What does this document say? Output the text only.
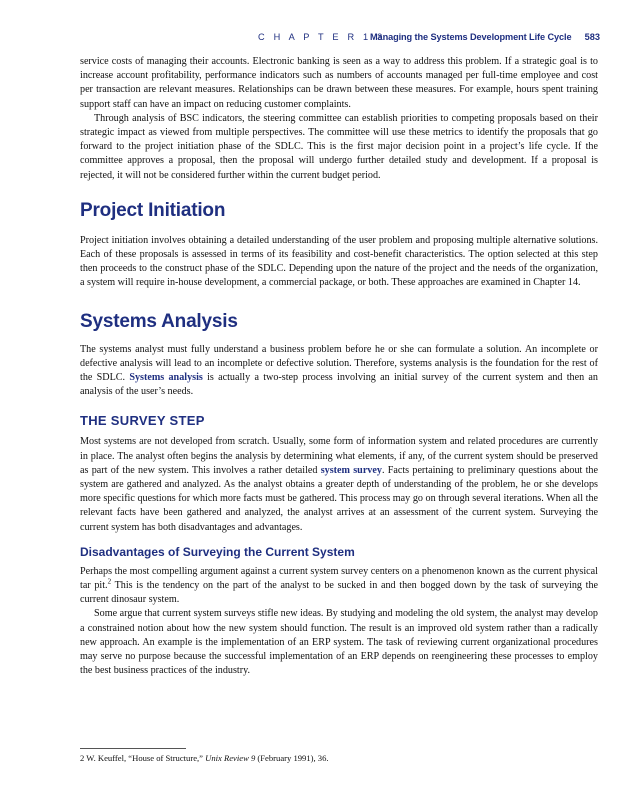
C H A P T E R 1 3
Managing the Systems Development Life Cycle 583

service costs of managing their accounts. Electronic banking is seen as a way to address this problem. If a strategic goal is to increase account profitability, performance indicators such as numbers of accounts managed per full-time employee and cost per transaction are relevant measures. Relationships can be drawn between these measures. For example, hours spent training support staff can have an impact on reducing customer complaints.

Through analysis of BSC indicators, the steering committee can establish priorities to competing proposals based on their strategic impact as viewed from multiple perspectives. The committee will use these metrics to identify the proposals that go forward to the project initiation phase of the SDLC. This is the first major decision point in a project’s life cycle. If the committee approves a proposal, then the proposal will undergo further detailed study and development. If a proposal is rejected, it will not be considered further within the current budget period.

Project Initiation

Project initiation involves obtaining a detailed understanding of the user problem and proposing multiple alternative solutions. Each of these proposals is assessed in terms of its feasibility and cost-benefit characteristics. The option selected at this step then proceeds to the construct phase of the SDLC. Depending upon the nature of the project and the needs of the organization, a system will require in-house development, a commercial package, or both. These approaches are examined in Chapter 14.

Systems Analysis

The systems analyst must fully understand a business problem before he or she can formulate a solution. An incomplete or defective analysis will lead to an incomplete or defective solution. Therefore, systems analysis is the foundation for the rest of the SDLC. Systems analysis is actually a two-step process involving an initial survey of the current system and then an analysis of the user’s needs.

THE SURVEY STEP

Most systems are not developed from scratch. Usually, some form of information system and related procedures are currently in place. The analyst often begins the analysis by determining what elements, if any, of the current system should be preserved as part of the new system. This involves a rather detailed system survey. Facts pertaining to preliminary questions about the system are gathered and analyzed. As the analyst obtains a greater depth of understanding of the problem, he or she develops more specific questions for which more facts must be gathered. This process may go on through several iterations. When all the relevant facts have been gathered and analyzed, the analyst arrives at an assessment of the current system. Surveying the current system has both disadvantages and advantages.

Disadvantages of Surveying the Current System

Perhaps the most compelling argument against a current system survey centers on a phenomenon known as the current physical tar pit.$^2$ This is the tendency on the part of the analyst to be sucked in and then bogged down by the task of surveying the current dinosaur system.

Some argue that current system surveys stifle new ideas. By studying and modeling the old system, the analyst may develop a constrained notion about how the new system should function. The result is an improved old system rather than a radically new approach. An example is the implementation of an ERP system. The task of reviewing current organizational procedures may serve no purpose because the successful implementation of an ERP depends on reengineering these processes to employ the best business practices of the industry.

2 W. Keuffel, “House of Structure,” Unix Review 9 (February 1991), 36.
